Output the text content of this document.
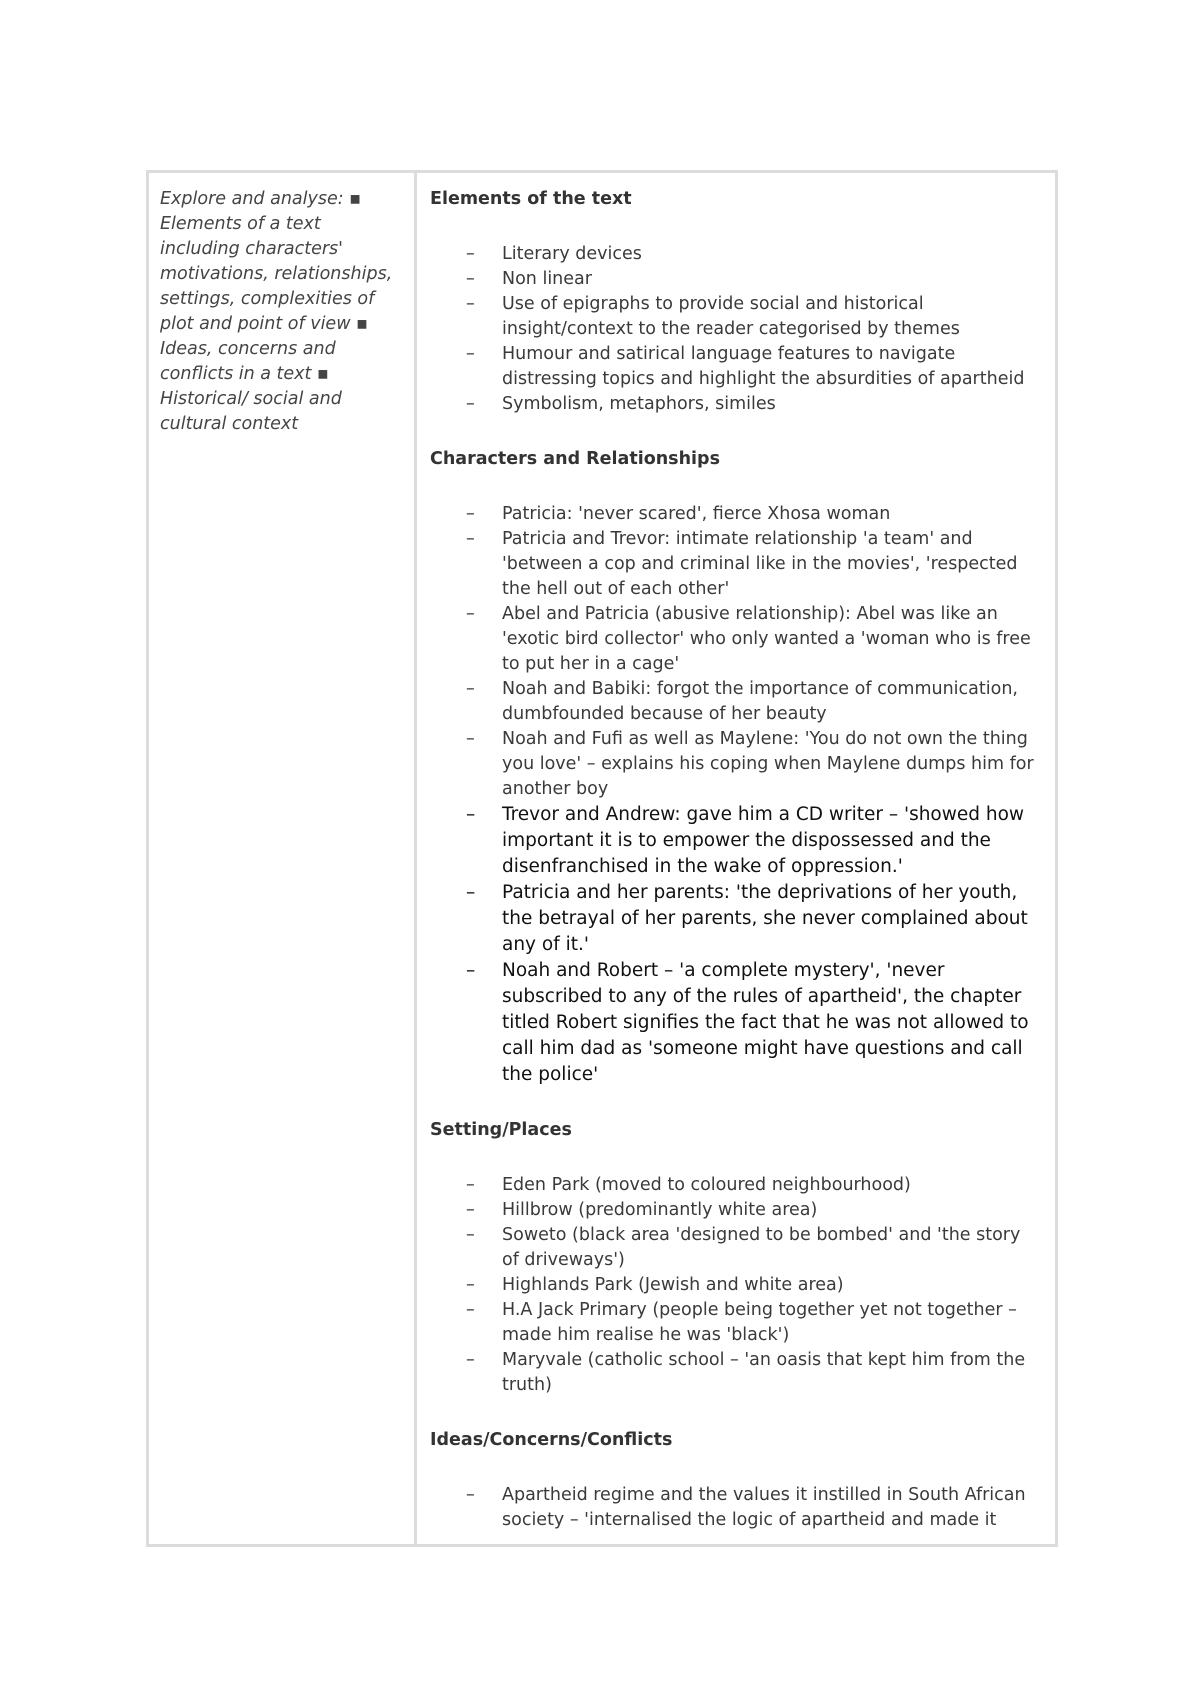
Explore and analyse: ▪ Elements of a text including characters' motivations, relationships, settings, complexities of plot and point of view ▪ Ideas, concerns and conflicts in a text ▪ Historical/ social and cultural context

Elements of the text

–	Literary devices
–	Non linear
–	Use of epigraphs to provide social and historical insight/context to the reader categorised by themes
–	Humour and satirical language features to navigate distressing topics and highlight the absurdities of apartheid
–	Symbolism, metaphors, similes

Characters and Relationships

–	Patricia: 'never scared', fierce Xhosa woman
–	Patricia and Trevor: intimate relationship 'a team' and 'between a cop and criminal like in the movies', 'respected the hell out of each other'
–	Abel and Patricia (abusive relationship): Abel was like an 'exotic bird collector' who only wanted a 'woman who is free to put her in a cage'
–	Noah and Babiki: forgot the importance of communication, dumbfounded because of her beauty
–	Noah and Fufi as well as Maylene: 'You do not own the thing you love' – explains his coping when Maylene dumps him for another boy
–	Trevor and Andrew: gave him a CD writer – 'showed how important it is to empower the dispossessed and the disenfranchised in the wake of oppression.'
–	Patricia and her parents: 'the deprivations of her youth, the betrayal of her parents, she never complained about any of it.'
–	Noah and Robert – 'a complete mystery', 'never subscribed to any of the rules of apartheid', the chapter titled Robert signifies the fact that he was not allowed to call him dad as 'someone might have questions and call the police'

Setting/Places

–	Eden Park (moved to coloured neighbourhood)
–	Hillbrow (predominantly white area)
–	Soweto (black area 'designed to be bombed' and 'the story of driveways')
–	Highlands Park (Jewish and white area)
–	H.A Jack Primary (people being together yet not together – made him realise he was 'black')
–	Maryvale (catholic school – 'an oasis that kept him from the truth)

Ideas/Concerns/Conflicts

–	Apartheid regime and the values it instilled in South African society – 'internalised the logic of apartheid and made it
